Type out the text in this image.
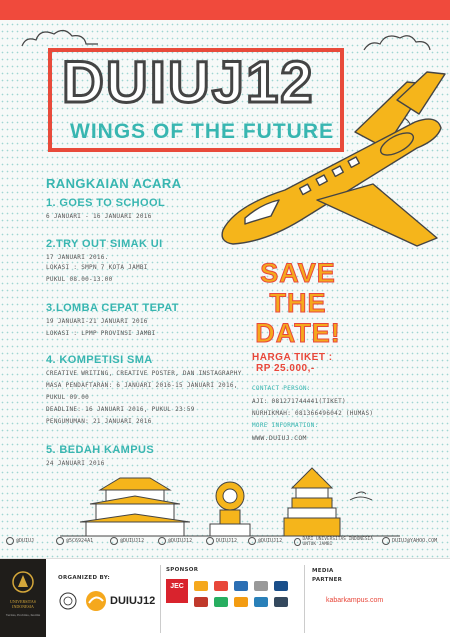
DUIUJ12
WINGS OF THE FUTURE
RANGKAIAN ACARA
1. GOES TO SCHOOL
6 JANUARI - 16 JANUARI 2016
2.TRY OUT SIMAK UI
17 JANUARI 2016.
LOKASI : SMPN 7 KOTA JAMBI
PUKUL 08.00-13.00
3.LOMBA CEPAT TEPAT
19 JANUARI-21 JANUARI 2016
LOKASI : LPMP PROVINSI JAMBI
4. KOMPETISI SMA
CREATIVE WRITING, CREATIVE POSTER, DAN INSTAGRAPHY
MASA PENDAFTARAN: 6 JANUARI 2016-15 JANUARI 2016,
PUKUL 09.00
DEADLINE: 16 JANUARI 2016, PUKUL 23:59
PENGUMUMAN: 21 JANUARI 2016
5. BEDAH KAMPUS
24 JANUARI 2016
SAVE
THE
DATE!
HARGA TIKET :
RP 25.000,-
CONTACT PERSON:
AJI: 081271744441(TIKET)
NURHIKMAH: 081366496042 (HUMAS)
MORE INFORMATION:
WWW.DUIUJ.COM
@DUIUJ	@5C6924A1	@DUIUJ12	@DUIUJ12	DUIUJ12	@DUIUJ12	DARI UNIVERSITAS INDONESIA UNTUK JAMBI
DUIUJ@YAHOO.COM
UNIVERSITAS INDONESIA
Veritas, Probitas, Iustitia
ORGANIZED BY:
DUIUJ12
SPONSOR
JEC
MEDIA PARTNER
kabarkampus.com
